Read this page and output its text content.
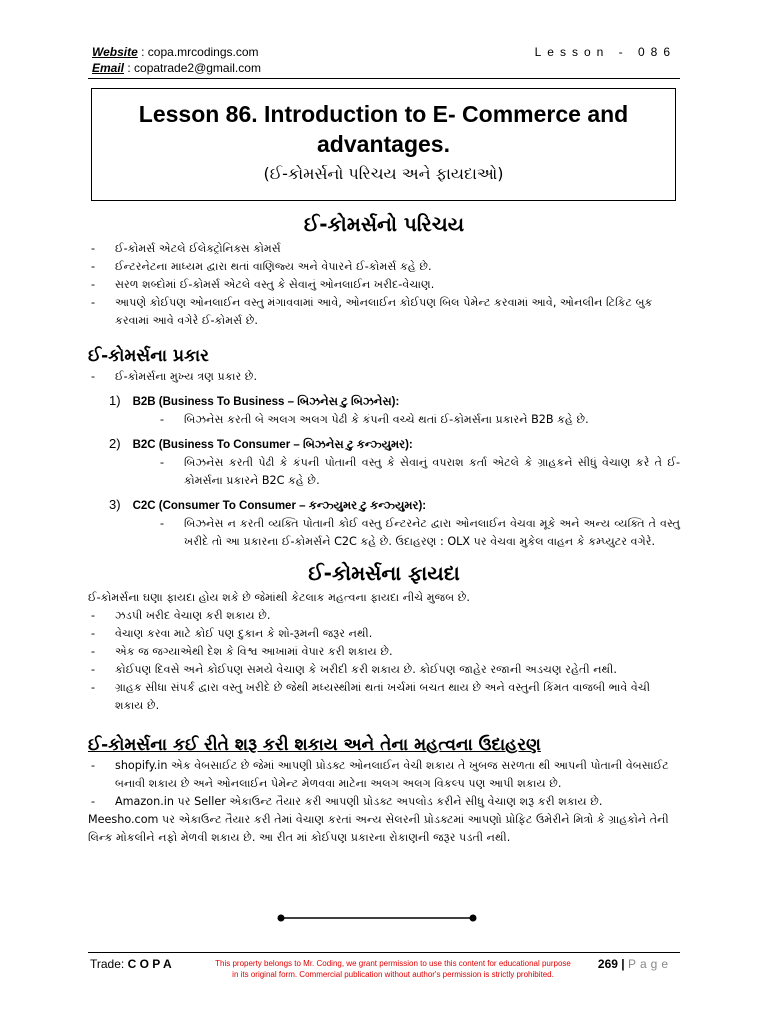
Website : copa.mrcodings.com	Lesson - 086
Email : copatrade2@gmail.com
Lesson 86. Introduction to E- Commerce and
advantages.
(ઈ-કોમર્સનો પરિચય અને ફાયદાઓ)
ઈ-કોમર્સનો પરિચય
- ઈ-કોમર્સ એટલે ઈલેક્ટ્રોનિક્સ કોમર્સ
- ઈન્ટરનેટના માધ્યમ દ્વારા થતાં વાણિજ્ય અને વેપારને ઈ-કોમર્સ કહે છે.
- સરળ શબ્દોમાં ઈ-કોમર્સ એટલે વસ્તુ કે સેવાનું ઓનલાઈન ખરીદ-વેચાણ.
- આપણે કોઈપણ ઓનલાઈન વસ્તુ મંગાવવામાં આવે, ઓનલાઈન કોઈપણ બિલ પેમેન્ટ કરવામાં આવે, ઓનલીન ટિકિટ બુક કરવામાં આવે વગેરે ઈ-કોમર્સ છે.
ઈ-કોમર્સના પ્રકાર
- ઈ-કોમર્સના મુખ્ય ત્રણ પ્રકાર છે.
1) B2B (Business To Business – બિઝનેસ ટુ બિઝનેસ):
- બિઝનેસ કરતી બે અલગ અલગ પેઢી કે કંપની વચ્ચે થતાં ઈ-કોમર્સના પ્રકારને B2B કહે છે.
2) B2C (Business To Consumer – બિઝનેસ ટુ કન્ઝ્યુમર):
- બિઝનેસ કરતી પેઢી કે કંપની પોતાની વસ્તુ કે સેવાનું વપરાશ કર્તા એટલે કે ગ્રાહકને સીધું વેચાણ કરે તે ઈ-કોમર્સના પ્રકારને B2C કહે છે.
3) C2C (Consumer To Consumer – કન્ઝ્યુમર ટુ કન્ઝ્યુમર):
- બિઝનેસ ન કરતી વ્યક્તિ પોતાની કોઈ વસ્તુ ઈન્ટરનેટ દ્વારા ઓનલાઈન વેચવા મૂકે અને અન્ય વ્યક્તિ તે વસ્તુ ખરીદે તો આ પ્રકારના ઈ-કોમર્સને C2C કહે છે. ઉદાહરણ : OLX પર વેચવા મુકેલ વાહન કે કમ્પ્યુટર વગેરે.
ઈ-કોમર્સના ફાયદા

ઈ-કોમર્સના ઘણા ફાયદા હોય શકે છે જેમાંથી કેટલાક મહત્વના ફાયદા નીચે મુજબ છે.

- ઝડપી ખરીદ વેચાણ કરી શકાય છે.
- વેચાણ કરવા માટે કોઈ પણ દુકાન કે શો-રૂમની જરૂર નથી.
- એક જ જગ્યાએથી દેશ કે વિશ્વ આખામાં વેપાર કરી શકાય છે.
- કોઈપણ દિવસે અને કોઈપણ સમયે વેચાણ કે ખરીદી કરી શકાય છે. કોઈપણ જાહેર રજાની અડચણ રહેતી નથી.
- ગ્રાહક સીધા સંપર્ક દ્વારા વસ્તુ ખરીદે છે જેથી મધ્યસ્થીમાં થતાં ખર્ચમાં બચત થાય છે અને વસ્તુની કિંમત વાજબી ભાવે વેચી શકાય છે.
ઈ-કોમર્સના કઈ રીતે શરૂ કરી શકાય અને તેના મહત્વના ઉદાહરણ
- shopify.in એક વેબસાઈટ છે જેમાં આપણી પ્રોડક્ટ ઓનલાઈન વેચી શકાય તે ખુબજ સરળતા થી આપની પોતાની વેબસાઈટ બનાવી શકાય છે અને ઓનલાઈન પેમેન્ટ મેળવવા માટેના અલગ અલગ વિકલ્પ પણ આપી શકાય છે.
- Amazon.in પર Seller એકાઉન્ટ તૈયાર કરી આપણી પ્રોડક્ટ અપલોડ કરીને સીધુ વેચાણ શરૂ કરી શકાય છે.

Meesho.com પર એકાઉન્ટ તૈયાર કરી તેમાં વેચાણ કરતાં અન્ય સેલરની પ્રોડક્ટમાં આપણો પ્રોફિટ ઉમેરીને મિત્રો કે ગ્રાહકોને તેની લિન્ક મોકલીને નફો મેળવી શકાય છે. આ રીત માં કોઈપણ પ્રકારના રોકાણની જરૂર પડતી નથી.

Trade: C O P A	This property belongs to Mr. Coding, we grant permission to use this content for educational purpose
in its original form. Commercial publication without author's permission is strictly prohibited.
269 | Page
